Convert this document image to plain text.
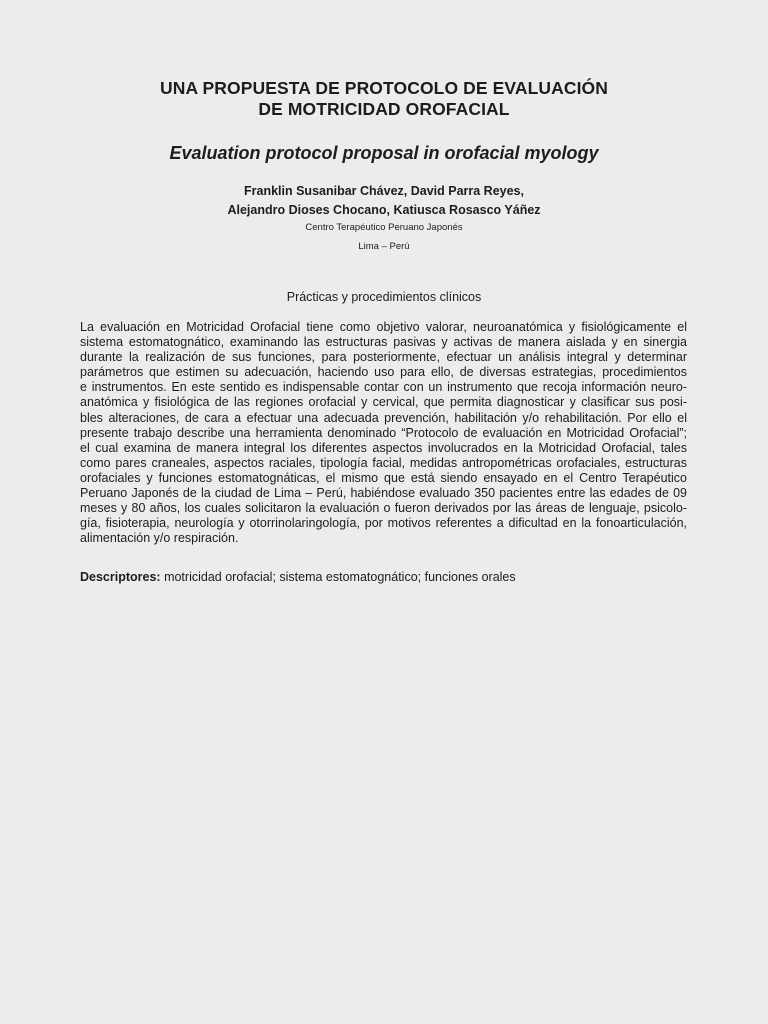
UNA PROPUESTA DE PROTOCOLO DE EVALUACIÓN
DE MOTRICIDAD OROFACIAL
Evaluation protocol proposal in orofacial myology
Franklin Susanibar Chávez, David Parra Reyes,
Alejandro Dioses Chocano, Katiusca Rosasco Yáñez
Centro Terapéutico Peruano Japonés
Lima – Perú
Prácticas y procedimientos clínicos
La evaluación en Motricidad Orofacial tiene como objetivo valorar, neuroanatómica y fisiológicamente el
sistema estomatognático, examinando las estructuras pasivas y activas de manera aislada y en sinergia
durante la realización de sus funciones, para posteriormente, efectuar un análisis integral y determinar
parámetros que estimen su adecuación, haciendo uso para ello, de diversas estrategias, procedimientos
e instrumentos. En este sentido es indispensable contar con un instrumento que recoja información neuro-
anatómica y fisiológica de las regiones orofacial y cervical, que permita diagnosticar y clasificar sus posi-
bles alteraciones, de cara a efectuar una adecuada prevención, habilitación y/o rehabilitación. Por ello el
presente trabajo describe una herramienta denominado “Protocolo de evaluación en Motricidad Orofacial”;
el cual examina de manera integral los diferentes aspectos involucrados en la Motricidad Orofacial, tales
como pares craneales, aspectos raciales, tipología facial, medidas antropométricas orofaciales, estructuras
orofaciales y funciones estomatognáticas, el mismo que está siendo ensayado en el Centro Terapéutico
Peruano Japonés de la ciudad de Lima – Perú, habiéndose evaluado 350 pacientes entre las edades de 09
meses y 80 años, los cuales solicitaron la evaluación o fueron derivados por las áreas de lenguaje, psicolo-
gía, fisioterapia, neurología y otorrinolaringología, por motivos referentes a dificultad en la fonoarticulación,
alimentación y/o respiración.
Descriptores: motricidad orofacial; sistema estomatognático; funciones orales
